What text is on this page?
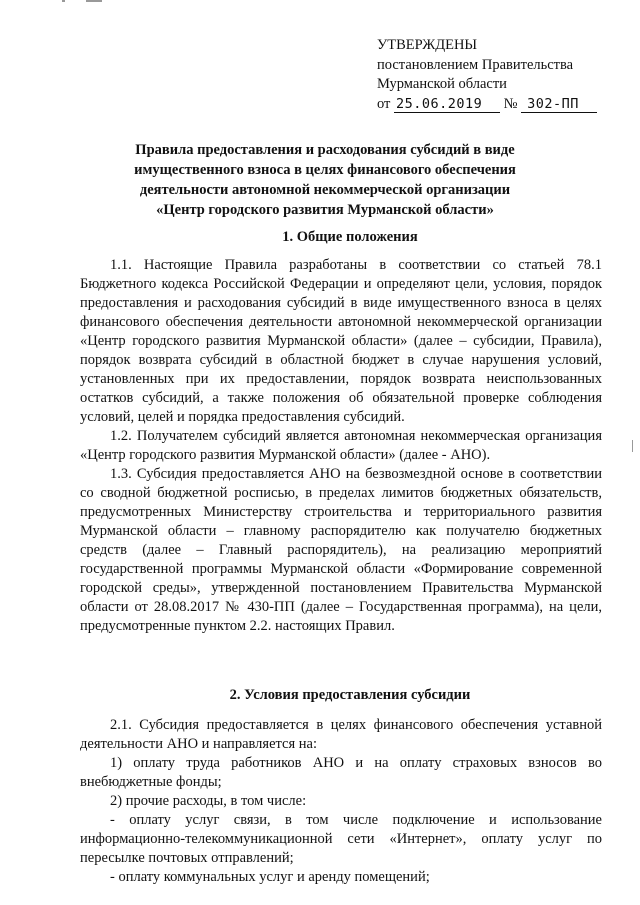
УТВЕРЖДЕНЫ
постановлением Правительства
Мурманской области
от 25.06.2019 № 302-ПП
Правила предоставления и расходования субсидий в виде
имущественного взноса в целях финансового обеспечения
деятельности автономной некоммерческой организации
«Центр городского развития Мурманской области»
1. Общие положения

1.1. Настоящие Правила разработаны в соответствии со статьей 78.1 Бюджетного кодекса Российской Федерации и определяют цели, условия, порядок предоставления и расходования субсидий в виде имущественного взноса в целях финансового обеспечения деятельности автономной некоммерческой организации «Центр городского развития Мурманской области» (далее – субсидии, Правила), порядок возврата субсидий в областной бюджет в случае нарушения условий, установленных при их предоставлении, порядок возврата неиспользованных остатков субсидий, а также положения об обязательной проверке соблюдения условий, целей и порядка предоставления субсидий.

1.2. Получателем субсидий является автономная некоммерческая организация «Центр городского развития Мурманской области» (далее - АНО).

1.3. Субсидия предоставляется АНО на безвозмездной основе в соответствии со сводной бюджетной росписью, в пределах лимитов бюджетных обязательств, предусмотренных Министерству строительства и территориального развития Мурманской области – главному распорядителю как получателю бюджетных средств (далее – Главный распорядитель), на реализацию мероприятий государственной программы Мурманской области «Формирование современной городской среды», утвержденной постановлением Правительства Мурманской области от 28.08.2017 № 430-ПП (далее – Государственная программа), на цели, предусмотренные пунктом 2.2. настоящих Правил.

2. Условия предоставления субсидии

2.1. Субсидия предоставляется в целях финансового обеспечения уставной деятельности АНО и направляется на:

1) оплату труда работников АНО и на оплату страховых взносов во внебюджетные фонды;

2) прочие расходы, в том числе:

- оплату услуг связи, в том числе подключение и использование информационно-телекоммуникационной сети «Интернет», оплату услуг по пересылке почтовых отправлений;

- оплату коммунальных услуг и аренду помещений;
